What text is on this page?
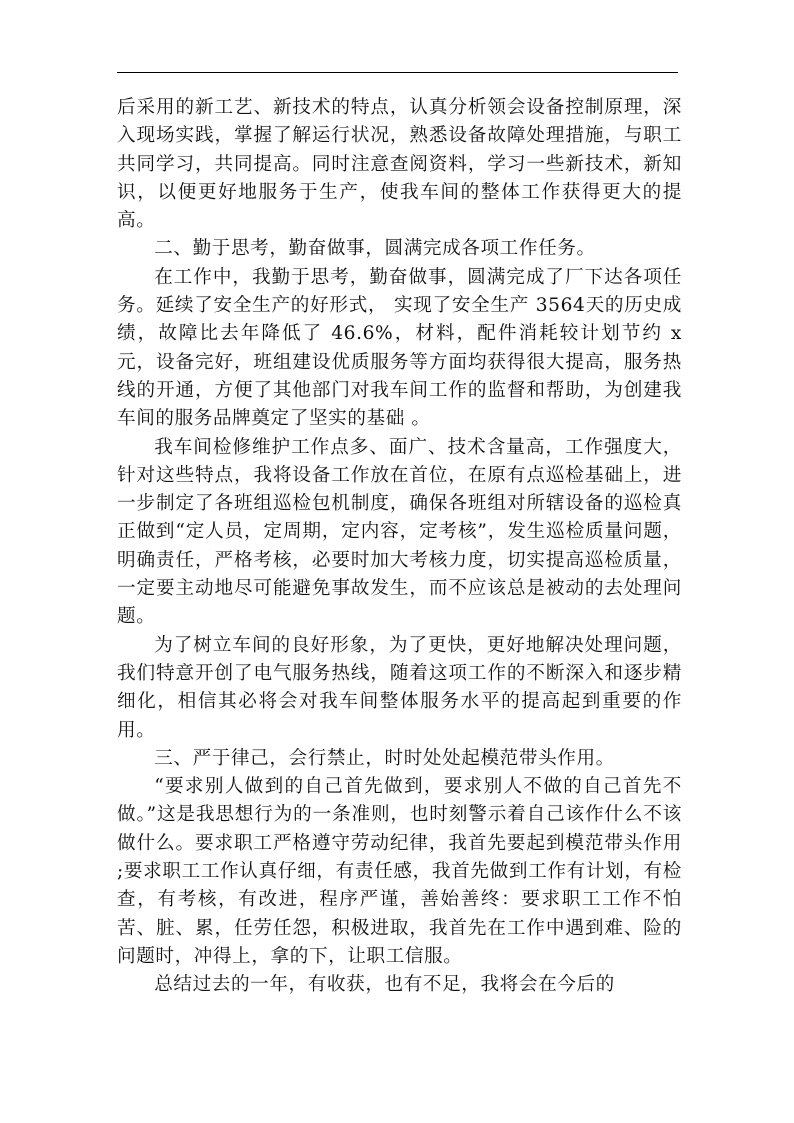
后采用的新工艺、新技术的特点，认真分析领会设备控制原理，深入现场实践，掌握了解运行状况，熟悉设备故障处理措施，与职工共同学习，共同提高。同时注意查阅资料，学习一些新技术，新知识，以便更好地服务于生产，使我车间的整体工作获得更大的提高。

二、勤于思考，勤奋做事，圆满完成各项工作任务。

在工作中，我勤于思考，勤奋做事，圆满完成了厂下达各项任务。延续了安全生产的好形式， 实现了安全生产 3564天的历史成绩，故障比去年降低了 46.6%，材料，配件消耗较计划节约 x 元，设备完好，班组建设优质服务等方面均获得很大提高，服务热线的开通，方便了其他部门对我车间工作的监督和帮助，为创建我车间的服务品牌奠定了坚实的基础 。

我车间检修维护工作点多、面广、技术含量高，工作强度大，针对这些特点，我将设备工作放在首位，在原有点巡检基础上，进一步制定了各班组巡检包机制度，确保各班组对所辖设备的巡检真正做到“定人员，定周期，定内容，定考核”，发生巡检质量问题，明确责任，严格考核，必要时加大考核力度，切实提高巡检质量，一定要主动地尽可能避免事故发生，而不应该总是被动的去处理问题。

为了树立车间的良好形象，为了更快，更好地解决处理问题，我们特意开创了电气服务热线，随着这项工作的不断深入和逐步精细化，相信其必将会对我车间整体服务水平的提高起到重要的作用。

三、严于律己，会行禁止，时时处处起模范带头作用。

“要求别人做到的自己首先做到，要求别人不做的自己首先不做。”这是我思想行为的一条准则，也时刻警示着自己该作什么不该做什么。要求职工严格遵守劳动纪律，我首先要起到模范带头作用 ;要求职工工作认真仔细，有责任感，我首先做到工作有计划，有检查，有考核，有改进，程序严谨，善始善终：要求职工工作不怕苦、脏、累，任劳任怨，积极进取，我首先在工作中遇到难、险的问题时，冲得上，拿的下，让职工信服。

总结过去的一年，有收获，也有不足，我将会在今后的
